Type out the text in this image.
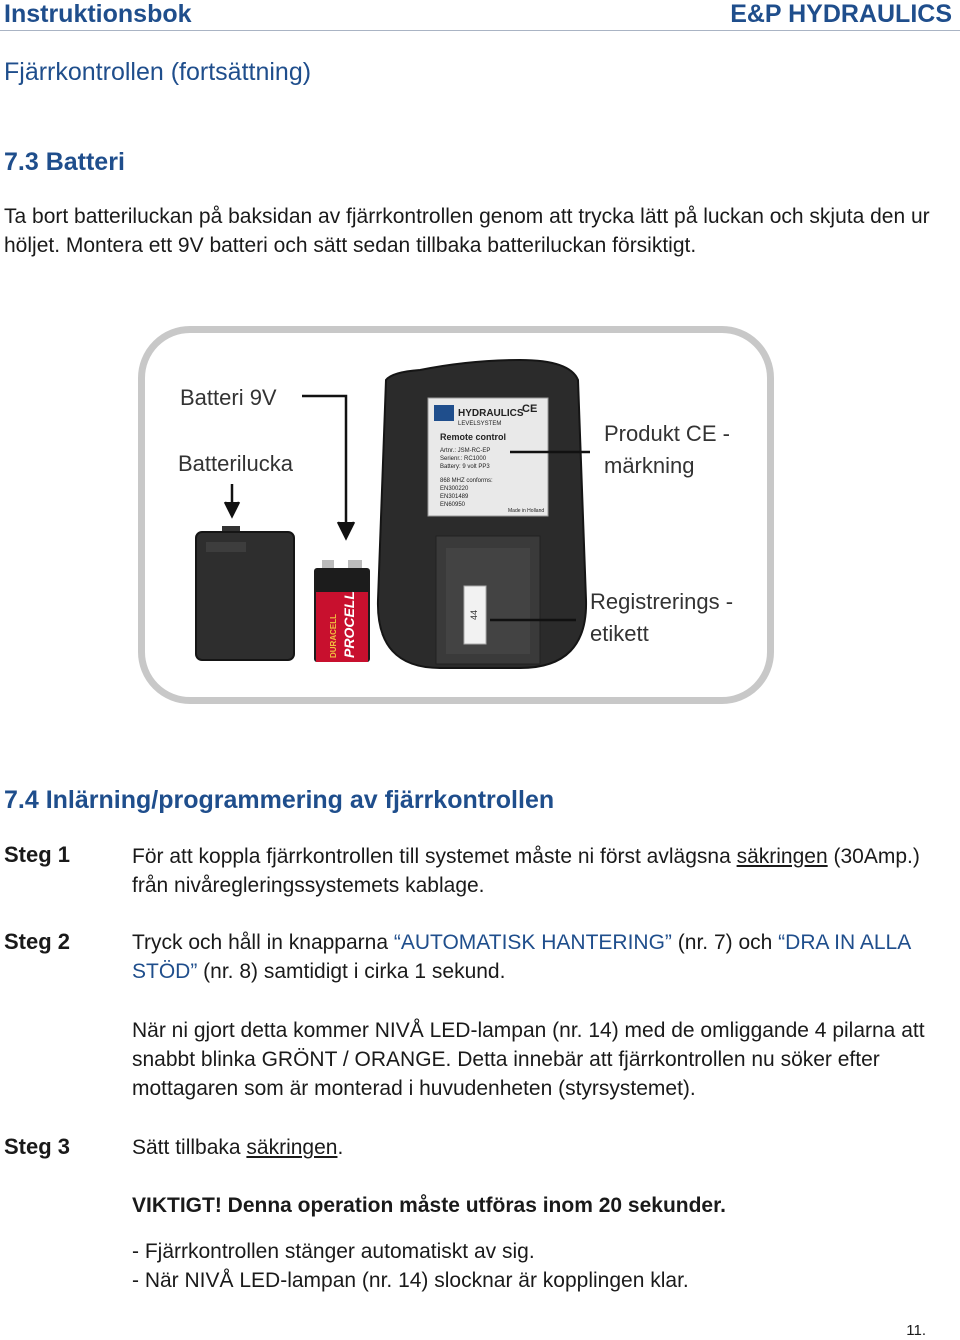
Instruktionsbok	E&P HYDRAULICS
Fjärrkontrollen (fortsättning)
7.3 Batteri
Ta bort batteriluckan på baksidan av fjärrkontrollen genom att trycka lätt på luckan och skjuta den ur höljet. Montera ett 9V batteri och sätt sedan tillbaka batteriluckan försiktigt.
Batteri 9V
Batterilucka
Produkt CE -
märkning
Registrerings -
etikett
44
HYDRAULICS
LEVELSYSTEM
CE
Remote control
Artnr.: JSM-RC-EP
Serienr.: RC1000
Battery: 9 volt PP3
868 MHZ conforms:
EN300220
EN301489
EN60950
Made in Holland
DURACELL PROCELL
7.4 Inlärning/programmering av fjärrkontrollen
Steg 1	För att koppla fjärrkontrollen till systemet måste ni först avlägsna säkringen (30Amp.)
från nivåregleringssystemets kablage.
Steg 2	Tryck och håll in knapparna “AUTOMATISK HANTERING” (nr. 7) och “DRA IN ALLA
STÖD” (nr. 8) samtidigt i cirka 1 sekund.
När ni gjort detta kommer NIVÅ LED-lampan (nr. 14) med de omliggande 4 pilarna att
snabbt blinka GRÖNT / ORANGE. Detta innebär att fjärrkontrollen nu söker efter
mottagaren som är monterad i huvudenheten (styrsystemet).
Steg 3	Sätt tillbaka säkringen.
VIKTIGT! Denna operation måste utföras inom 20 sekunder.
- Fjärrkontrollen stänger automatiskt av sig.
- När NIVÅ LED-lampan (nr. 14) slocknar är kopplingen klar.
11.
